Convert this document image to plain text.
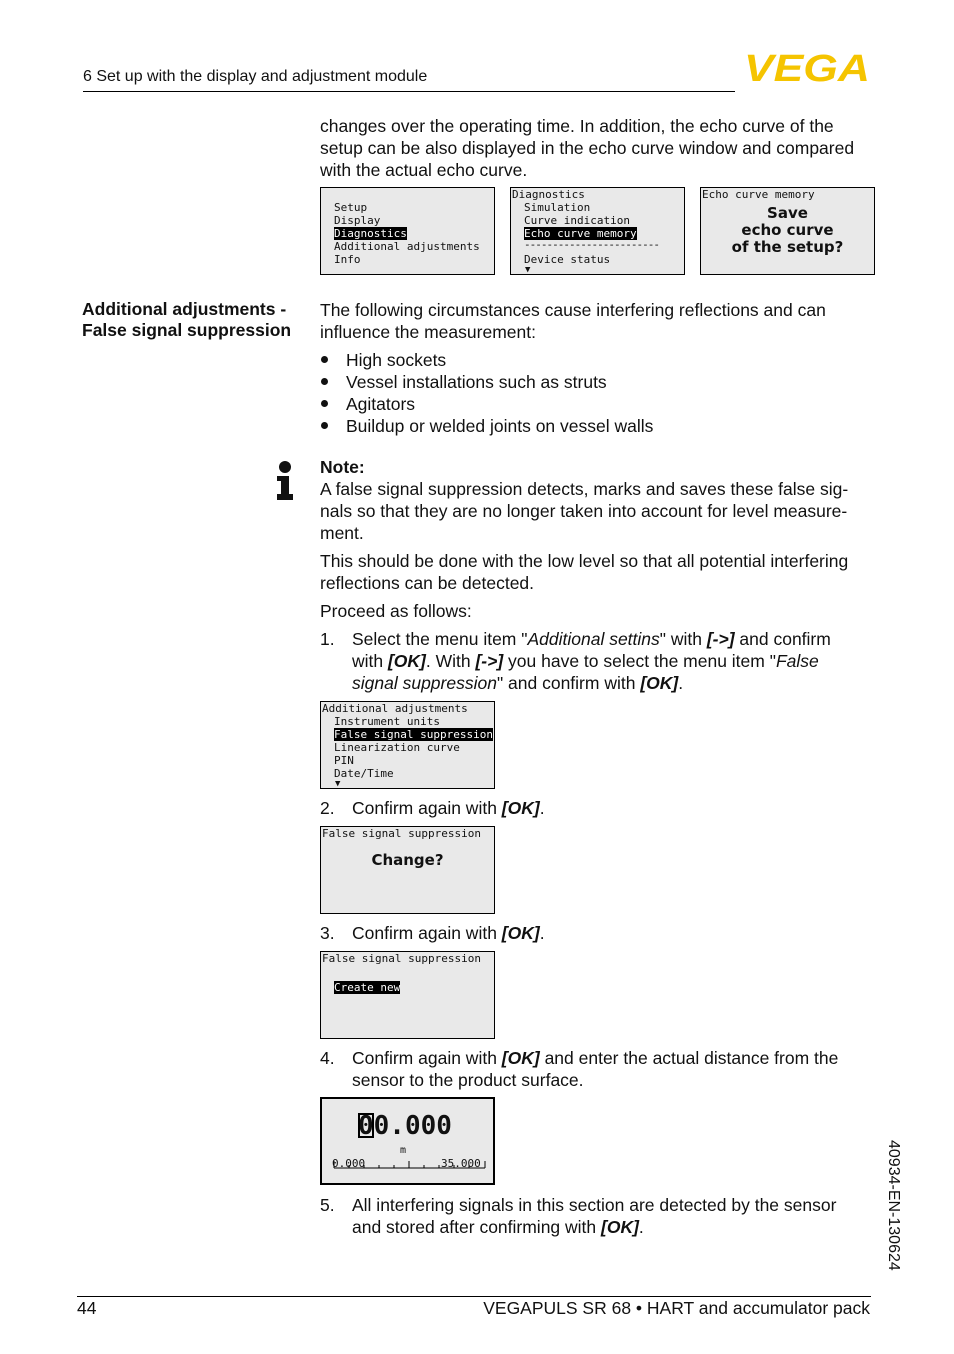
6 Set up with the display and adjustment module	VEGA
changes over the operating time. In addition, the echo curve of the
setup can be also displayed in the echo curve window and compared
with the actual echo curve.
Setup
Display
Diagnostics
Additional adjustments
Info
Diagnostics
Simulation
Curve indication
Echo curve memory
------------------------
Device status
▼
Echo curve memory
Save
echo curve
of the setup?
Additional adjustments -
False signal suppression
The following circumstances cause interfering reflections and can
influence the measurement:
High sockets
Vessel installations such as struts
Agitators
Buildup or welded joints on vessel walls
Note:
A false signal suppression detects, marks and saves these false sig-
nals so that they are no longer taken into account for level measure-
ment.
This should be done with the low level so that all potential interfering
reflections can be detected.
Proceed as follows:
1. Select the menu item "Additional settins" with [->] and confirm
with [OK]. With [->] you have to select the menu item "False
signal suppression" and confirm with [OK].
Additional adjustments
Instrument units
False signal suppression
Linearization curve
PIN
Date/Time
▼
2. Confirm again with [OK].
False signal suppression
Change?
3. Confirm again with [OK].
False signal suppression
Create new
4. Confirm again with [OK] and enter the actual distance from the
sensor to the product surface.
00.000
m
0.000	35.000
5. All interfering signals in this section are detected by the sensor
and stored after confirming with [OK].	40934-EN-130624
44	VEGAPULS SR 68 • HART and accumulator pack
